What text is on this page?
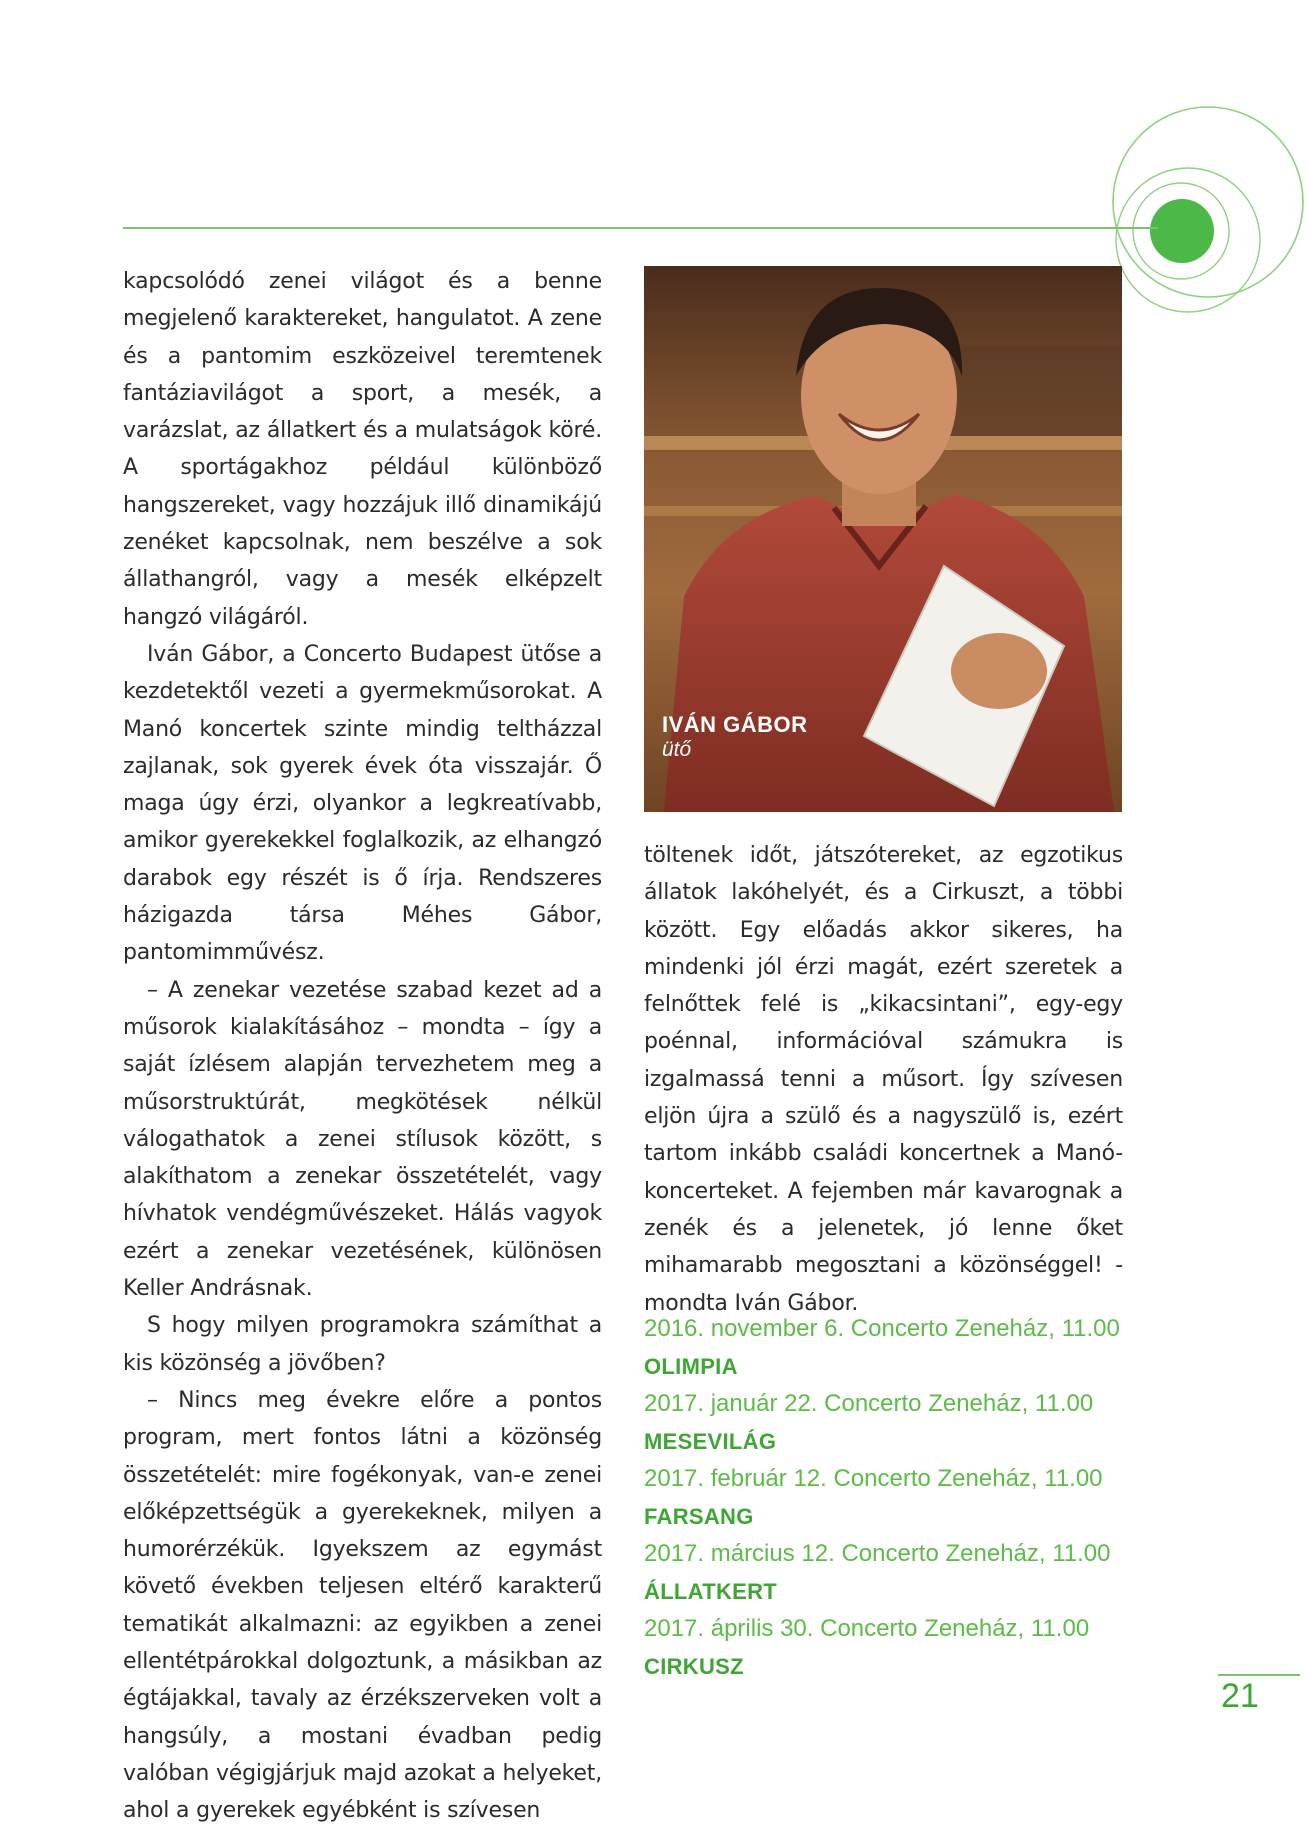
kapcsolódó zenei világot és a benne megjelenő karaktereket, hangulatot. A zene és a pantomim eszközeivel teremtenek fantáziavilágot a sport, a mesék, a varázslat, az állatkert és a mulatságok köré. A sportágakhoz például különböző hangszereket, vagy hozzájuk illő dinamikájú zenéket kapcsolnak, nem beszélve a sok állathangról, vagy a mesék elképzelt hangzó világáról.

Iván Gábor, a Concerto Budapest ütőse a kezdetektől vezeti a gyermekműsorokat. A Manó koncertek szinte mindig teltházzal zajlanak, sok gyerek évek óta visszajár. Ő maga úgy érzi, olyankor a legkreatívabb, amikor gyerekekkel foglalkozik, az elhangzó darabok egy részét is ő írja. Rendszeres házigazda társa Méhes Gábor, pantomimművész.

– A zenekar vezetése szabad kezet ad a műsorok kialakításához – mondta – így a saját ízlésem alapján tervezhetem meg a műsorstruktúrát, megkötések nélkül válogathatok a zenei stílusok között, s alakíthatom a zenekar összetételét, vagy hívhatok vendégművészeket. Hálás vagyok ezért a zenekar vezetésének, különösen Keller Andrásnak.

S hogy milyen programokra számíthat a kis közönség a jövőben?

– Nincs meg évekre előre a pontos program, mert fontos látni a közönség összetételét: mire fogékonyak, van-e zenei előképzettségük a gyerekeknek, milyen a humorérzékük. Igyekszem az egymást követő években teljesen eltérő karakterű tematikát alkalmazni: az egyikben a zenei ellentétpárokkal dolgoztunk, a másikban az égtájakkal, tavaly az érzékszerveken volt a hangsúly, a mostani évadban pedig valóban végigjárjuk majd azokat a helyeket, ahol a gyerekek egyébként is szívesen

IVÁN GÁBOR
ütő

töltenek időt, játszótereket, az egzotikus állatok lakóhelyét, és a Cirkuszt, a többi között. Egy előadás akkor sikeres, ha mindenki jól érzi magát, ezért szeretek a felnőttek felé is „kikacsintani”, egy-egy poénnal, információval számukra is izgalmassá tenni a műsort. Így szívesen eljön újra a szülő és a nagyszülő is, ezért tartom inkább családi koncertnek a Manó-koncerteket. A fejemben már kavarognak a zenék és a jelenetek, jó lenne őket mihamarabb megosztani a közönséggel! - mondta Iván Gábor.

2016. november 6. Concerto Zeneház, 11.00
OLIMPIA
2017. január 22. Concerto Zeneház, 11.00
MESEVILÁG
2017. február 12. Concerto Zeneház, 11.00
FARSANG
2017. március 12. Concerto Zeneház, 11.00
ÁLLATKERT
2017. április 30. Concerto Zeneház, 11.00
CIRKUSZ
21
